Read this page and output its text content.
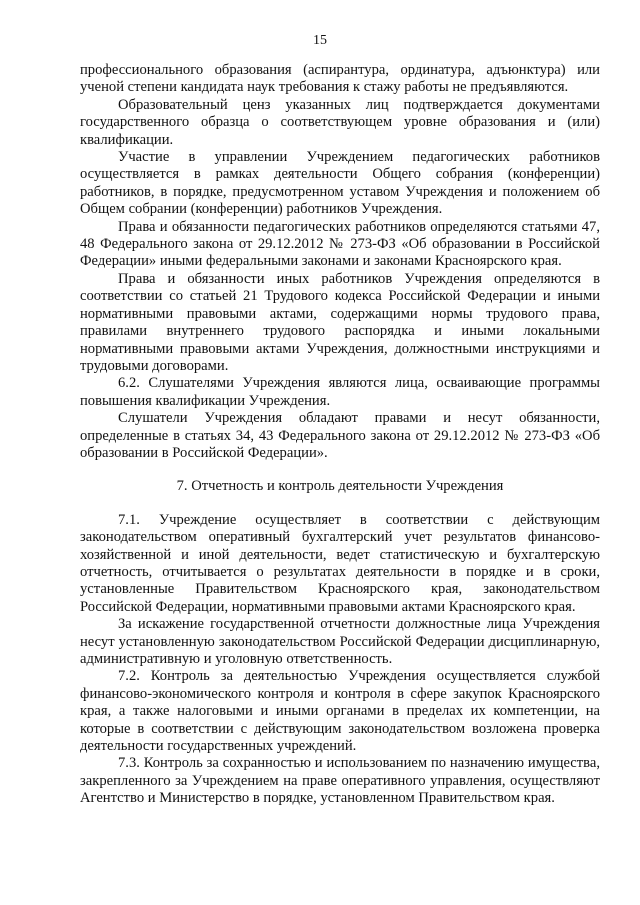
15

профессионального образования (аспирантура, ординатура, адъюнктура) или ученой степени кандидата наук требования к стажу работы не предъявляются.

Образовательный ценз указанных лиц подтверждается документами государственного образца о соответствующем уровне образования и (или) квалификации.

Участие в управлении Учреждением педагогических работников осуществляется в рамках деятельности Общего собрания (конференции) работников, в порядке, предусмотренном уставом Учреждения и положением об Общем собрании (конференции) работников Учреждения.

Права и обязанности педагогических работников определяются статьями 47, 48 Федерального закона от 29.12.2012 № 273-ФЗ «Об образовании в Российской Федерации» иными федеральными законами и законами Красноярского края.

Права и обязанности иных работников Учреждения определяются в соответствии со статьей 21 Трудового кодекса Российской Федерации и иными нормативными правовыми актами, содержащими нормы трудового права, правилами внутреннего трудового распорядка и иными локальными нормативными правовыми актами Учреждения, должностными инструкциями и трудовыми договорами.

6.2. Слушателями Учреждения являются лица, осваивающие программы повышения квалификации Учреждения.

Слушатели Учреждения обладают правами и несут обязанности, определенные в статьях 34, 43 Федерального закона от 29.12.2012 № 273-ФЗ «Об образовании в Российской Федерации».

7. Отчетность и контроль деятельности Учреждения

7.1. Учреждение осуществляет в соответствии с действующим законодательством оперативный бухгалтерский учет результатов финансово-хозяйственной и иной деятельности, ведет статистическую и бухгалтерскую отчетность, отчитывается о результатах деятельности в порядке и в сроки, установленные Правительством Красноярского края, законодательством Российской Федерации, нормативными правовыми актами Красноярского края.

За искажение государственной отчетности должностные лица Учреждения несут установленную законодательством Российской Федерации дисциплинарную, административную и уголовную ответственность.

7.2. Контроль за деятельностью Учреждения осуществляется службой финансово-экономического контроля и контроля в сфере закупок Красноярского края, а также налоговыми и иными органами в пределах их компетенции, на которые в соответствии с действующим законодательством возложена проверка деятельности государственных учреждений.

7.3. Контроль за сохранностью и использованием по назначению имущества, закрепленного за Учреждением на праве оперативного управления, осуществляют Агентство и Министерство в порядке, установленном Правительством края.
